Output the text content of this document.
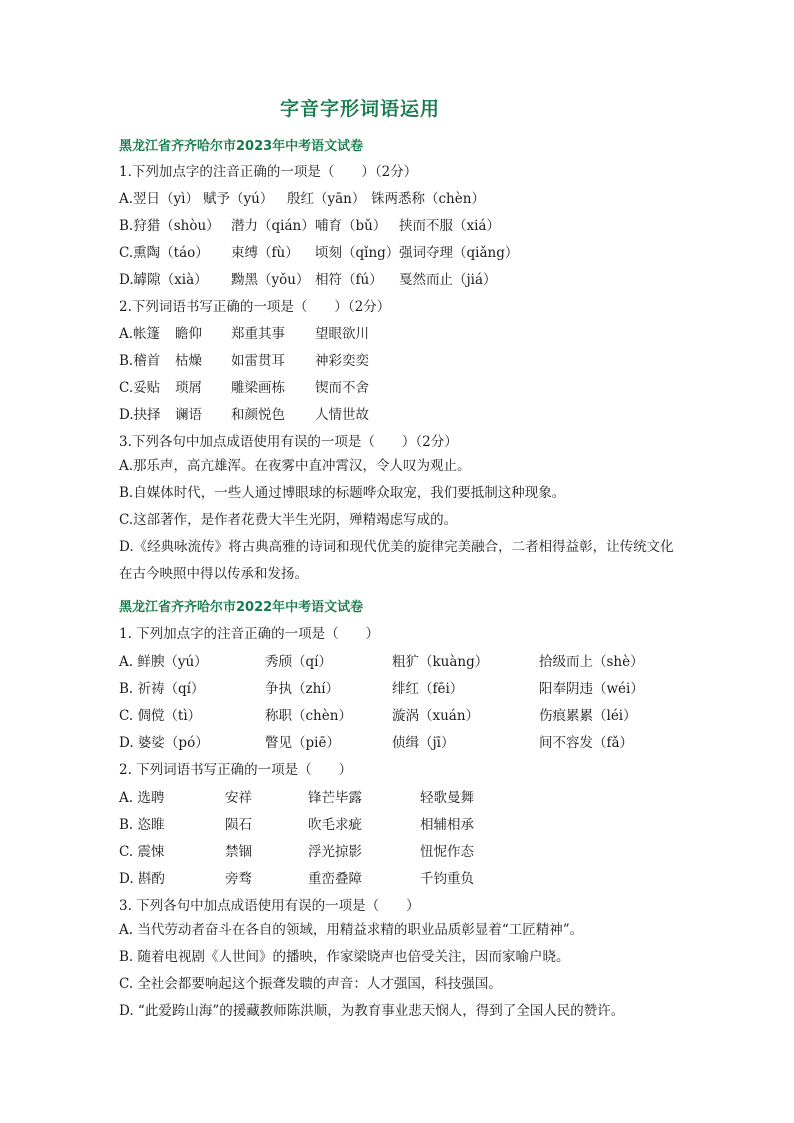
字音字形词语运用
黑龙江省齐齐哈尔市2023年中考语文试卷
1.下列加点字的注音正确的一项是（　　）（2分）
A.翌日（yì） 赋予（yú） 殷红（yān） 铢两悉称（chèn）
B.狩猎（shòu） 潜力（qián） 哺育（bǔ） 挟而不服（xiá）
C.熏陶（táo） 束缚（fù） 顷刻（qǐng） 强词夺理（qiǎng）
D.罅隙（xià） 黝黑（yǒu） 相符（fú） 戛然而止（jiá）
2.下列词语书写正确的一项是（　　）（2分）
A.帐篷 瞻仰 郑重其事 望眼欲川
B.稽首 枯燥 如雷贯耳 神彩奕奕
C.妥贴 琐屑 雕梁画栋 锲而不舍
D.抉择 谰语 和颜悦色 人情世故
3.下列各句中加点成语使用有误的一项是（　　）（2分）

A.那乐声，高亢雄浑。在夜雾中直冲霄汉，令人叹为观止。

B.自媒体时代，一些人通过博眼球的标题哗众取宠，我们要抵制这种现象。

C.这部著作，是作者花费大半生光阴，殚精竭虑写成的。

D.《经典咏流传》将古典高雅的诗词和现代优美的旋律完美融合，二者相得益彰，让传统文化在古今映照中得以传承和发扬。

黑龙江省齐齐哈尔市2022年中考语文试卷
1. 下列加点字的注音正确的一项是（　　）
A. 鲜腴（yú）	秀颀（qí）	粗犷（kuàng）	拾级而上（shè）
B. 祈祷（qí）	争执（zhí）	绯红（fēi）	阳奉阴违（wéi）
C. 倜傥（tì）	称职（chèn）	漩涡（xuán）	伤痕累累（léi）
D. 婆娑（pó）	瞥见（piē）	侦缉（jī）	间不容发（fǎ）
2. 下列词语书写正确的一项是（　　）
A. 选聘	安祥	锋芒毕露	轻歌曼舞
B. 恣睢	陨石	吹毛求疵	相辅相承
C. 震悚	禁锢	浮光掠影	忸怩作态
D. 斟酌	旁骛	重峦叠障	千钧重负
3. 下列各句中加点成语使用有误的一项是（　　）

A. 当代劳动者奋斗在各自的领域，用精益求精的职业品质彰显着“工匠精神”。

B. 随着电视剧《人世间》的播映，作家梁晓声也倍受关注，因而家喻户晓。

C. 全社会都要响起这个振聋发聩的声音：人才强国，科技强国。

D. “此爱跨山海”的援藏教师陈洪顺，为教育事业悲天悯人，得到了全国人民的赞许。
